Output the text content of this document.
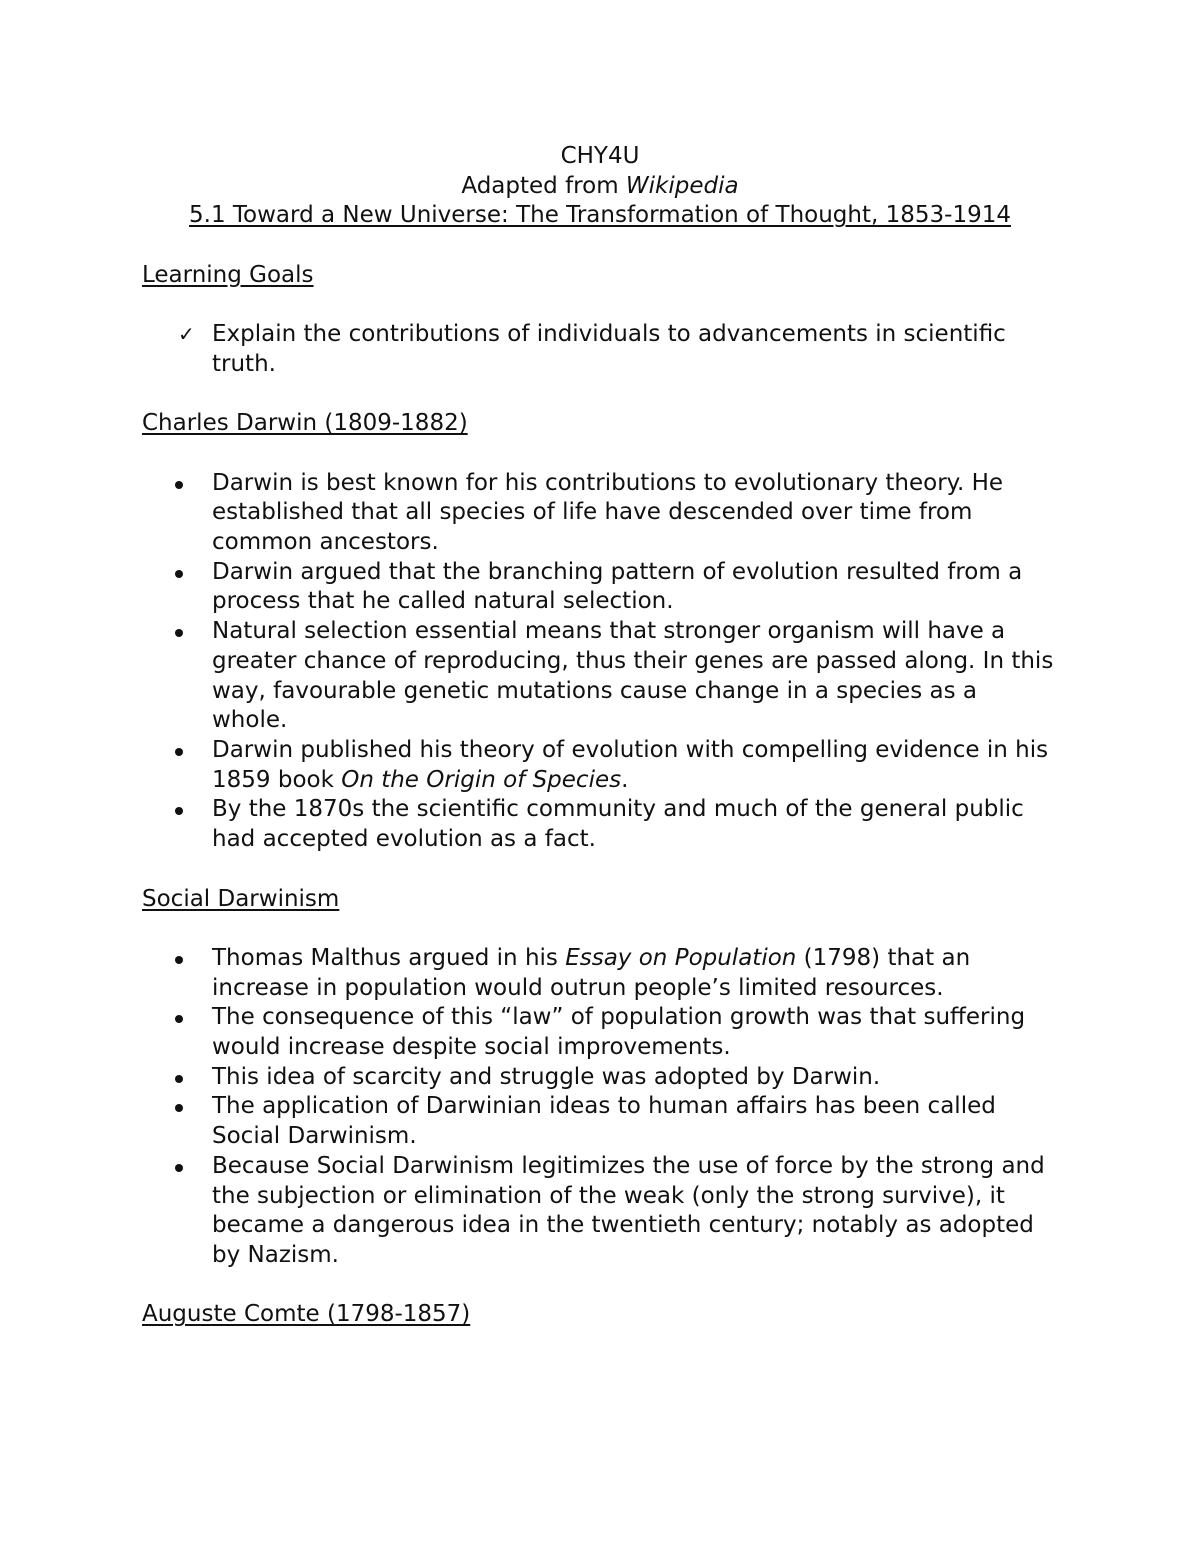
CHY4U
Adapted from Wikipedia
5.1 Toward a New Universe: The Transformation of Thought, 1853-1914
Learning Goals
✓ Explain the contributions of individuals to advancements in scientific truth.
Charles Darwin (1809-1882)
Darwin is best known for his contributions to evolutionary theory. He established that all species of life have descended over time from common ancestors.
Darwin argued that the branching pattern of evolution resulted from a process that he called natural selection.
Natural selection essential means that stronger organism will have a greater chance of reproducing, thus their genes are passed along. In this way, favourable genetic mutations cause change in a species as a whole.
Darwin published his theory of evolution with compelling evidence in his 1859 book On the Origin of Species.
By the 1870s the scientific community and much of the general public had accepted evolution as a fact.
Social Darwinism
Thomas Malthus argued in his Essay on Population (1798) that an increase in population would outrun people’s limited resources.
The consequence of this “law” of population growth was that suffering would increase despite social improvements.
This idea of scarcity and struggle was adopted by Darwin.
The application of Darwinian ideas to human affairs has been called Social Darwinism.
Because Social Darwinism legitimizes the use of force by the strong and the subjection or elimination of the weak (only the strong survive), it became a dangerous idea in the twentieth century; notably as adopted by Nazism.
Auguste Comte (1798-1857)
